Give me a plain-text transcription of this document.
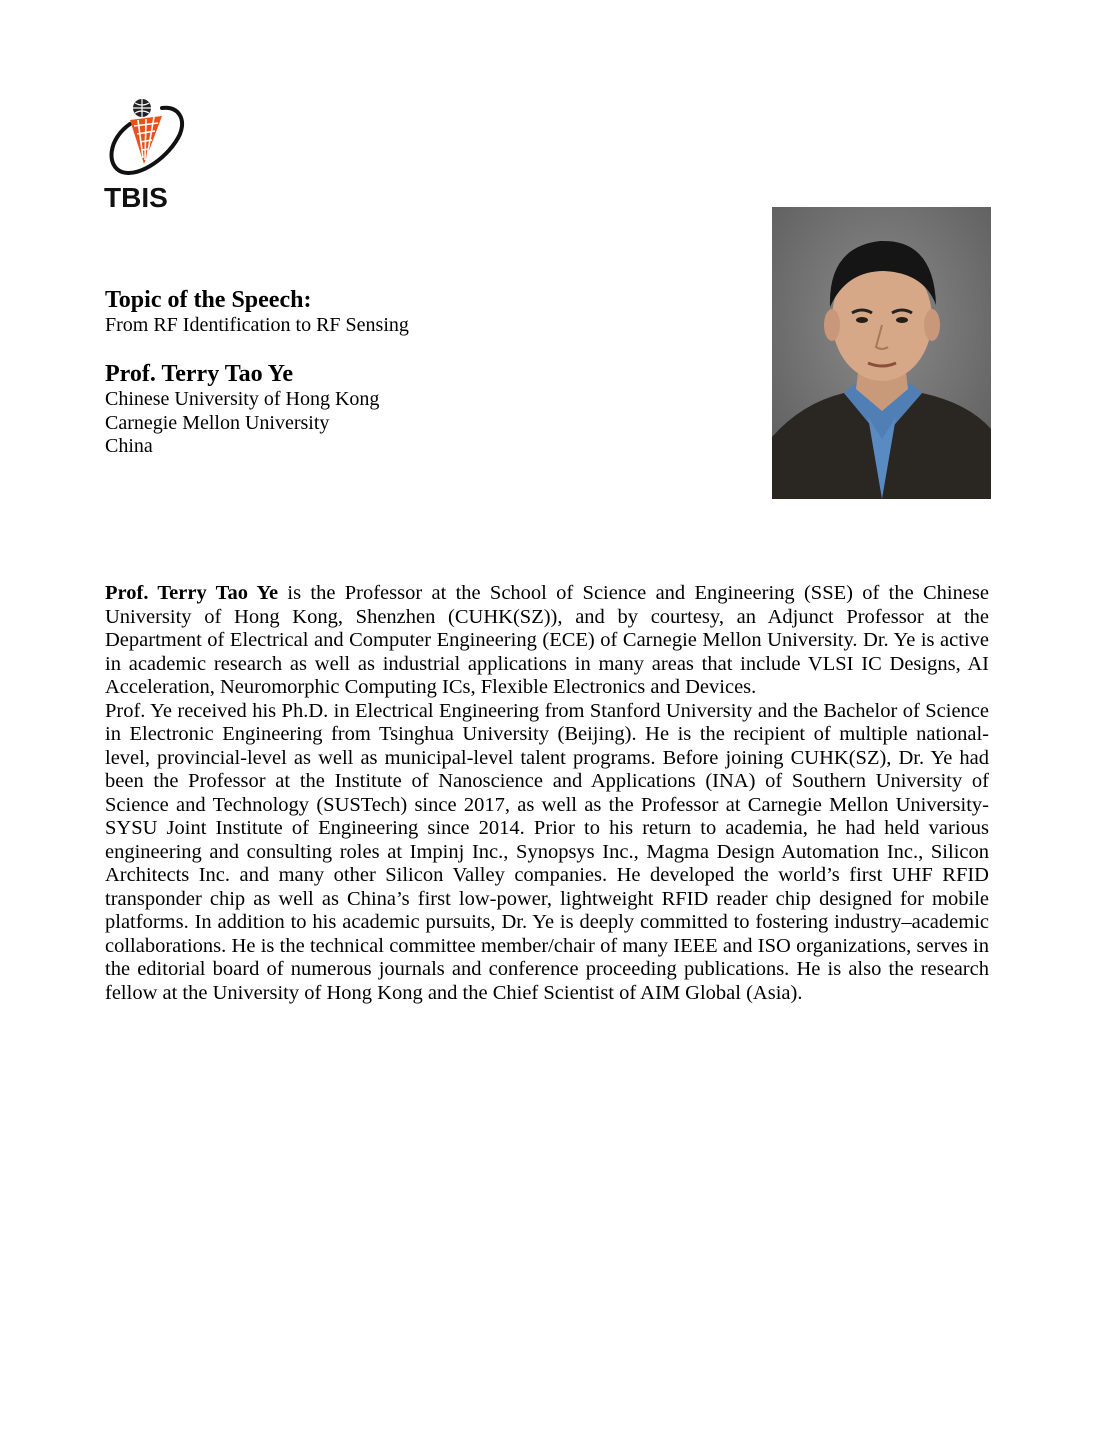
TBIS

Topic of the Speech:

From RF Identification to RF Sensing

Prof. Terry Tao Ye

Chinese University of Hong Kong

Carnegie Mellon University

China

Prof. Terry Tao Ye is the Professor at the School of Science and Engineering (SSE) of the Chinese University of Hong Kong, Shenzhen (CUHK(SZ)), and by courtesy, an Adjunct Professor at the Department of Electrical and Computer Engineering (ECE) of Carnegie Mellon University. Dr. Ye is active in academic research as well as industrial applications in many areas that include VLSI IC Designs, AI Acceleration, Neuromorphic Computing ICs, Flexible Electronics and Devices.

Prof. Ye received his Ph.D. in Electrical Engineering from Stanford University and the Bachelor of Science in Electronic Engineering from Tsinghua University (Beijing). He is the recipient of multiple national-level, provincial-level as well as municipal-level talent programs. Before joining CUHK(SZ), Dr. Ye had been the Professor at the Institute of Nanoscience and Applications (INA) of Southern University of Science and Technology (SUSTech) since 2017, as well as the Professor at Carnegie Mellon University-SYSU Joint Institute of Engineering since 2014. Prior to his return to academia, he had held various engineering and consulting roles at Impinj Inc., Synopsys Inc., Magma Design Automation Inc., Silicon Architects Inc. and many other Silicon Valley companies. He developed the world’s first UHF RFID transponder chip as well as China’s first low-power, lightweight RFID reader chip designed for mobile platforms. In addition to his academic pursuits, Dr. Ye is deeply committed to fostering industry–academic collaborations. He is the technical committee member/chair of many IEEE and ISO organizations, serves in the editorial board of numerous journals and conference proceeding publications. He is also the research fellow at the University of Hong Kong and the Chief Scientist of AIM Global (Asia).
